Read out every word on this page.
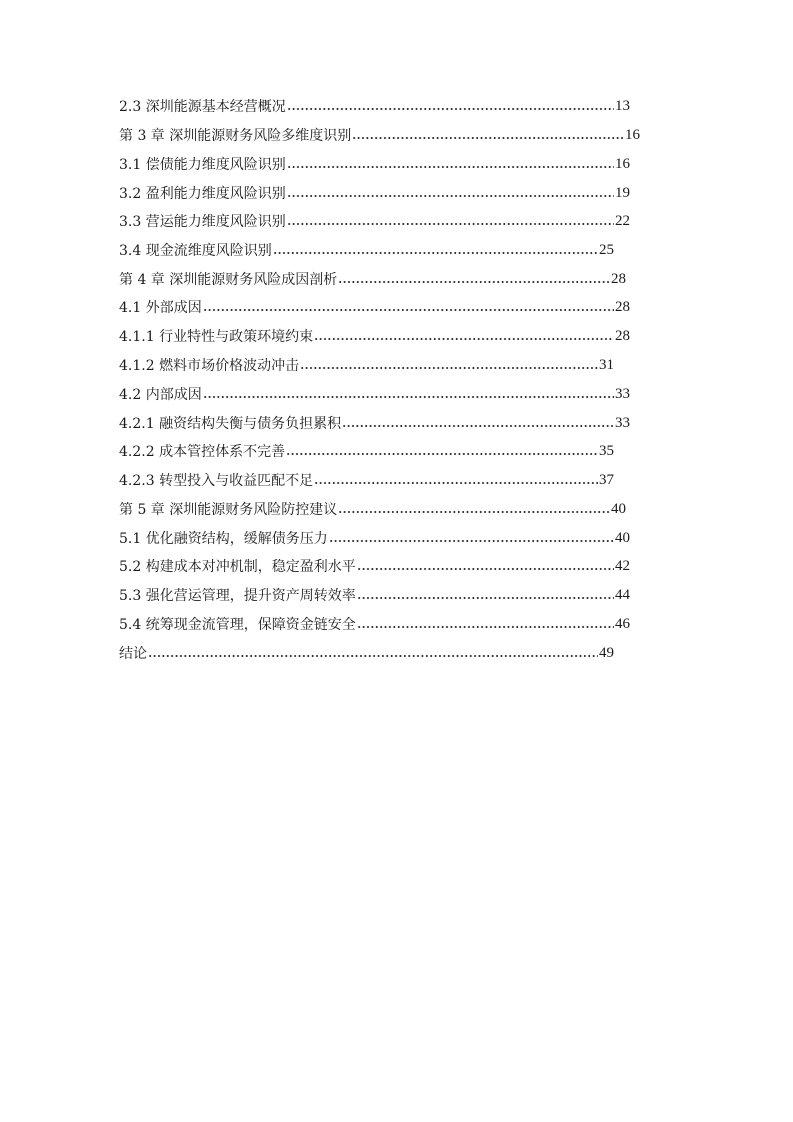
2.3 深圳能源基本经营概况	13
第 3 章 深圳能源财务风险多维度识别	16
3.1 偿债能力维度风险识别	16
3.2 盈利能力维度风险识别	19
3.3 营运能力维度风险识别	22
3.4 现金流维度风险识别	25
第 4 章 深圳能源财务风险成因剖析	28
4.1 外部成因	28
4.1.1 行业特性与政策环境约束	28
4.1.2 燃料市场价格波动冲击	31
4.2 内部成因	33
4.2.1 融资结构失衡与债务负担累积	33
4.2.2 成本管控体系不完善	35
4.2.3 转型投入与收益匹配不足	37
第 5 章 深圳能源财务风险防控建议	40
5.1 优化融资结构，缓解债务压力	40
5.2 构建成本对冲机制，稳定盈利水平	42
5.3 强化营运管理，提升资产周转效率	44
5.4 统筹现金流管理，保障资金链安全	46
结论	49
